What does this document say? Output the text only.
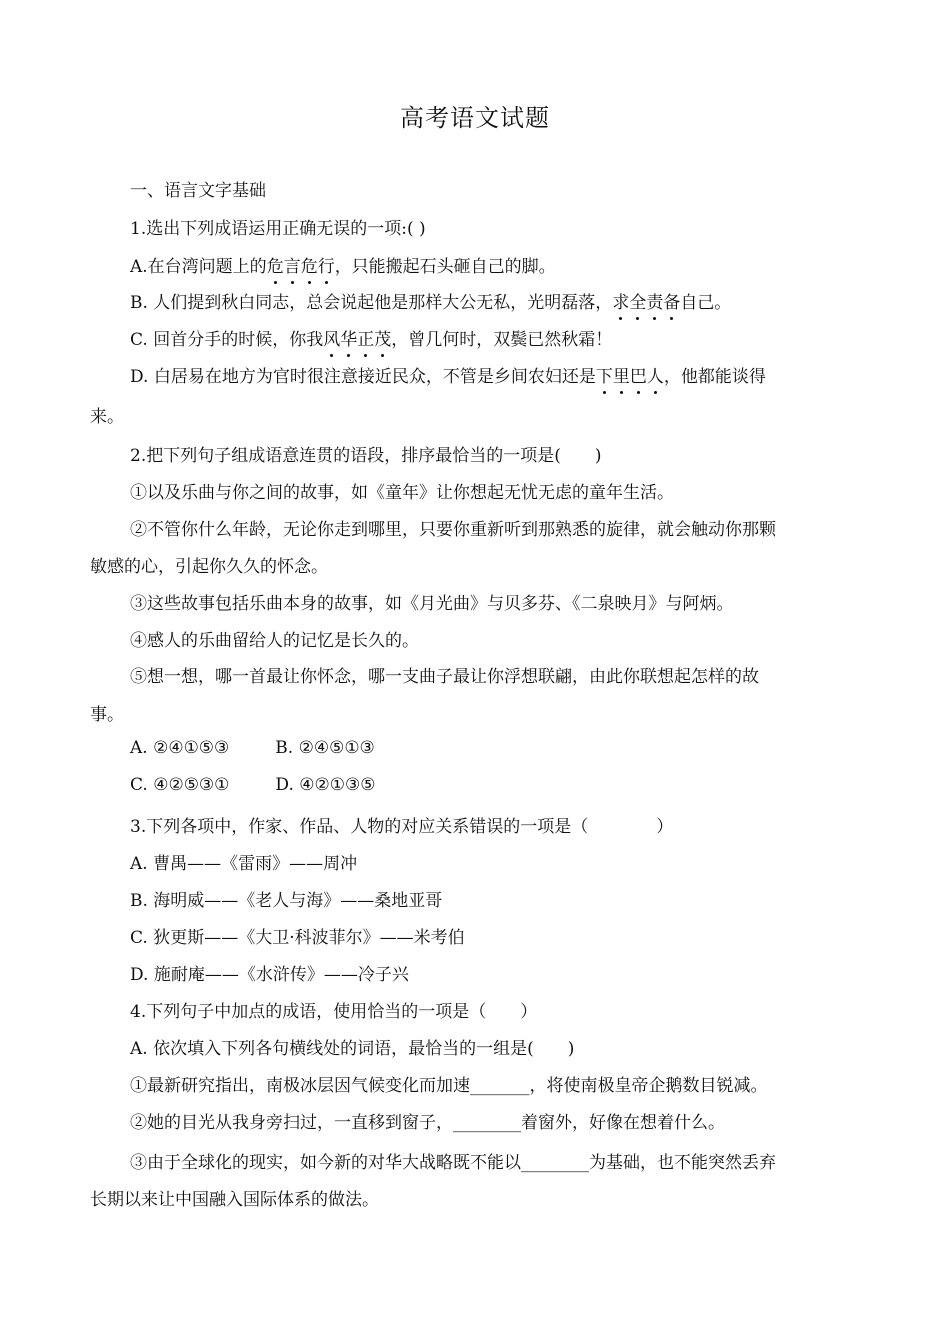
高考语文试题
一、语言文字基础
1.选出下列成语运用正确无误的一项:( )
A.在台湾问题上的危言危行，只能搬起石头砸自己的脚。
B. 人们提到秋白同志，总会说起他是那样大公无私，光明磊落，求全责备自己。
C. 回首分手的时候，你我风华正茂，曾几何时，双鬓已然秋霜！
D. 白居易在地方为官时很注意接近民众，不管是乡间农妇还是下里巴人，他都能谈得
来。
2.把下列句子组成语意连贯的语段，排序最恰当的一项是(　　)
①以及乐曲与你之间的故事，如《童年》让你想起无忧无虑的童年生活。
②不管你什么年龄，无论你走到哪里，只要你重新听到那熟悉的旋律，就会触动你那颗
敏感的心，引起你久久的怀念。
③这些故事包括乐曲本身的故事，如《月光曲》与贝多芬、《二泉映月》与阿炳。
④感人的乐曲留给人的记忆是长久的。
⑤想一想，哪一首最让你怀念，哪一支曲子最让你浮想联翩，由此你联想起怎样的故
事。
A. ②④①⑤③	B. ②④⑤①③
C. ④②⑤③①	D. ④②①③⑤
3.下列各项中，作家、作品、人物的对应关系错误的一项是（　　　　）
A. 曹禺——《雷雨》——周冲
B. 海明威——《老人与海》——桑地亚哥
C. 狄更斯——《大卫·科波菲尔》——米考伯
D. 施耐庵——《水浒传》——冷子兴
4.下列句子中加点的成语，使用恰当的一项是（　　）
A. 依次填入下列各句横线处的词语，最恰当的一组是(　　)
①最新研究指出，南极冰层因气候变化而加速_______，将使南极皇帝企鹅数目锐减。
②她的目光从我身旁扫过，一直移到窗子，________着窗外，好像在想着什么。
③由于全球化的现实，如今新的对华大战略既不能以________为基础，也不能突然丢弃
长期以来让中国融入国际体系的做法。
